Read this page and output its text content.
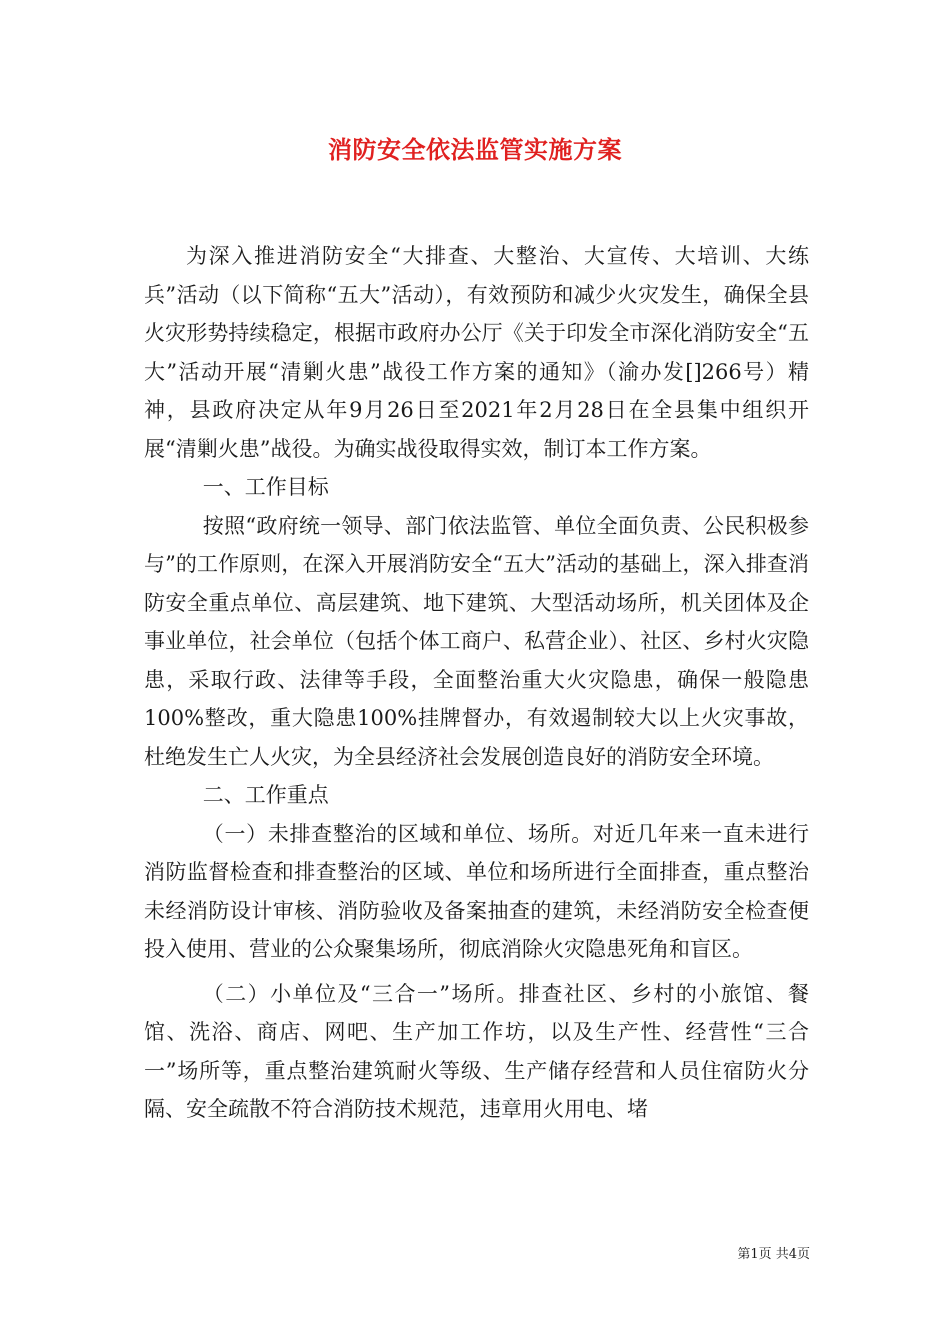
消防安全依法监管实施方案

为深入推进消防安全“大排查、大整治、大宣传、大培训、大练兵”活动（以下简称“五大”活动），有效预防和减少火灾发生，确保全县火灾形势持续稳定，根据市政府办公厅《关于印发全市深化消防安全“五大”活动开展“清剿火患”战役工作方案的通知》（渝办发[]266号）精神，县政府决定从年9月26日至2021年2月28日在全县集中组织开展“清剿火患”战役。为确实战役取得实效，制订本工作方案。

一、工作目标

按照“政府统一领导、部门依法监管、单位全面负责、公民积极参与”的工作原则，在深入开展消防安全“五大”活动的基础上，深入排查消防安全重点单位、高层建筑、地下建筑、大型活动场所，机关团体及企事业单位，社会单位（包括个体工商户、私营企业）、社区、乡村火灾隐患，采取行政、法律等手段，全面整治重大火灾隐患，确保一般隐患100%整改，重大隐患100%挂牌督办，有效遏制较大以上火灾事故，杜绝发生亡人火灾，为全县经济社会发展创造良好的消防安全环境。

二、工作重点

（一）未排查整治的区域和单位、场所。对近几年来一直未进行消防监督检查和排查整治的区域、单位和场所进行全面排查，重点整治未经消防设计审核、消防验收及备案抽查的建筑，未经消防安全检查便投入使用、营业的公众聚集场所，彻底消除火灾隐患死角和盲区。

（二）小单位及“三合一”场所。排查社区、乡村的小旅馆、餐馆、洗浴、商店、网吧、生产加工作坊，以及生产性、经营性“三合一”场所等，重点整治建筑耐火等级、生产储存经营和人员住宿防火分隔、安全疏散不符合消防技术规范，违章用火用电、堵

第1页 共4页
